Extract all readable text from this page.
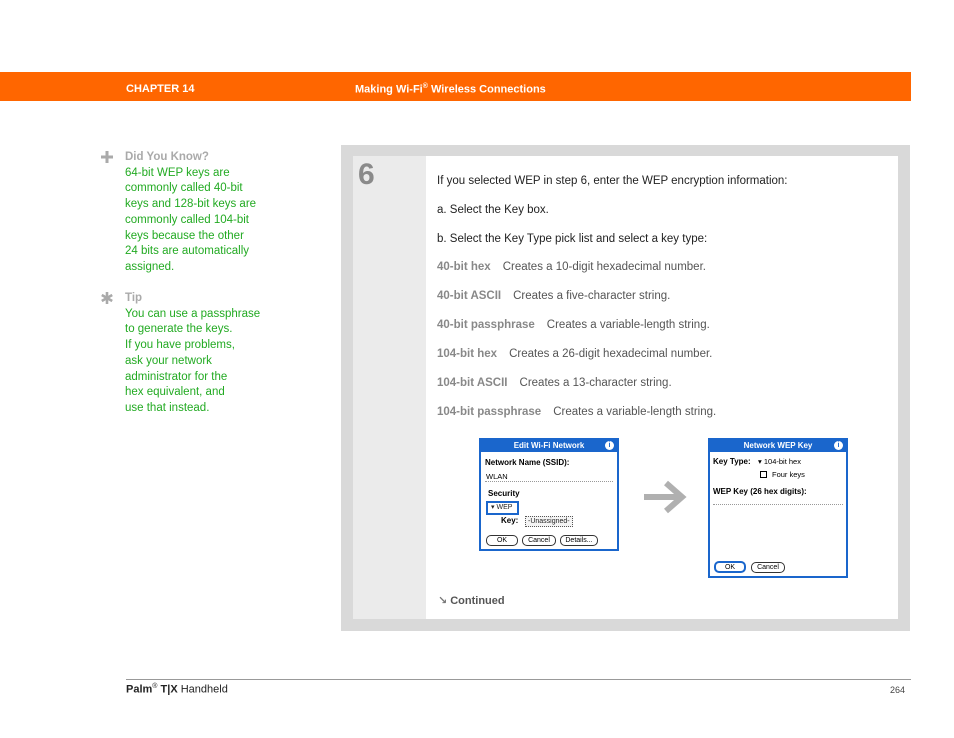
CHAPTER 14	Making Wi-Fi® Wireless Connections
Did You Know?
64-bit WEP keys are
commonly called 40-bit
keys and 128-bit keys are
commonly called 104-bit
keys because the other
24 bits are automatically
assigned.
Tip
You can use a passphrase
to generate the keys.
If you have problems,
ask your network
administrator for the
hex equivalent, and
use that instead.
6	If you selected WEP in step 6, enter the WEP encryption information:
a. Select the Key box.
b. Select the Key Type pick list and select a key type:
40-bit hex Creates a 10-digit hexadecimal number.
40-bit ASCII Creates a five-character string.
40-bit passphrase Creates a variable-length string.
104-bit hex Creates a 26-digit hexadecimal number.
104-bit ASCII Creates a 13-character string.
104-bit passphrase Creates a variable-length string.
Edit Wi-Fi Network	i
Network Name (SSID):
WLAN
Security
▾ WEP
Key:	-Unassigned-
OK	Cancel	Details...
Network WEP Key	i
Key Type: ▾ 104-bit hex
Four keys
WEP Key (26 hex digits):
OK	Cancel
↘ Continued
Palm® T|X Handheld	264
